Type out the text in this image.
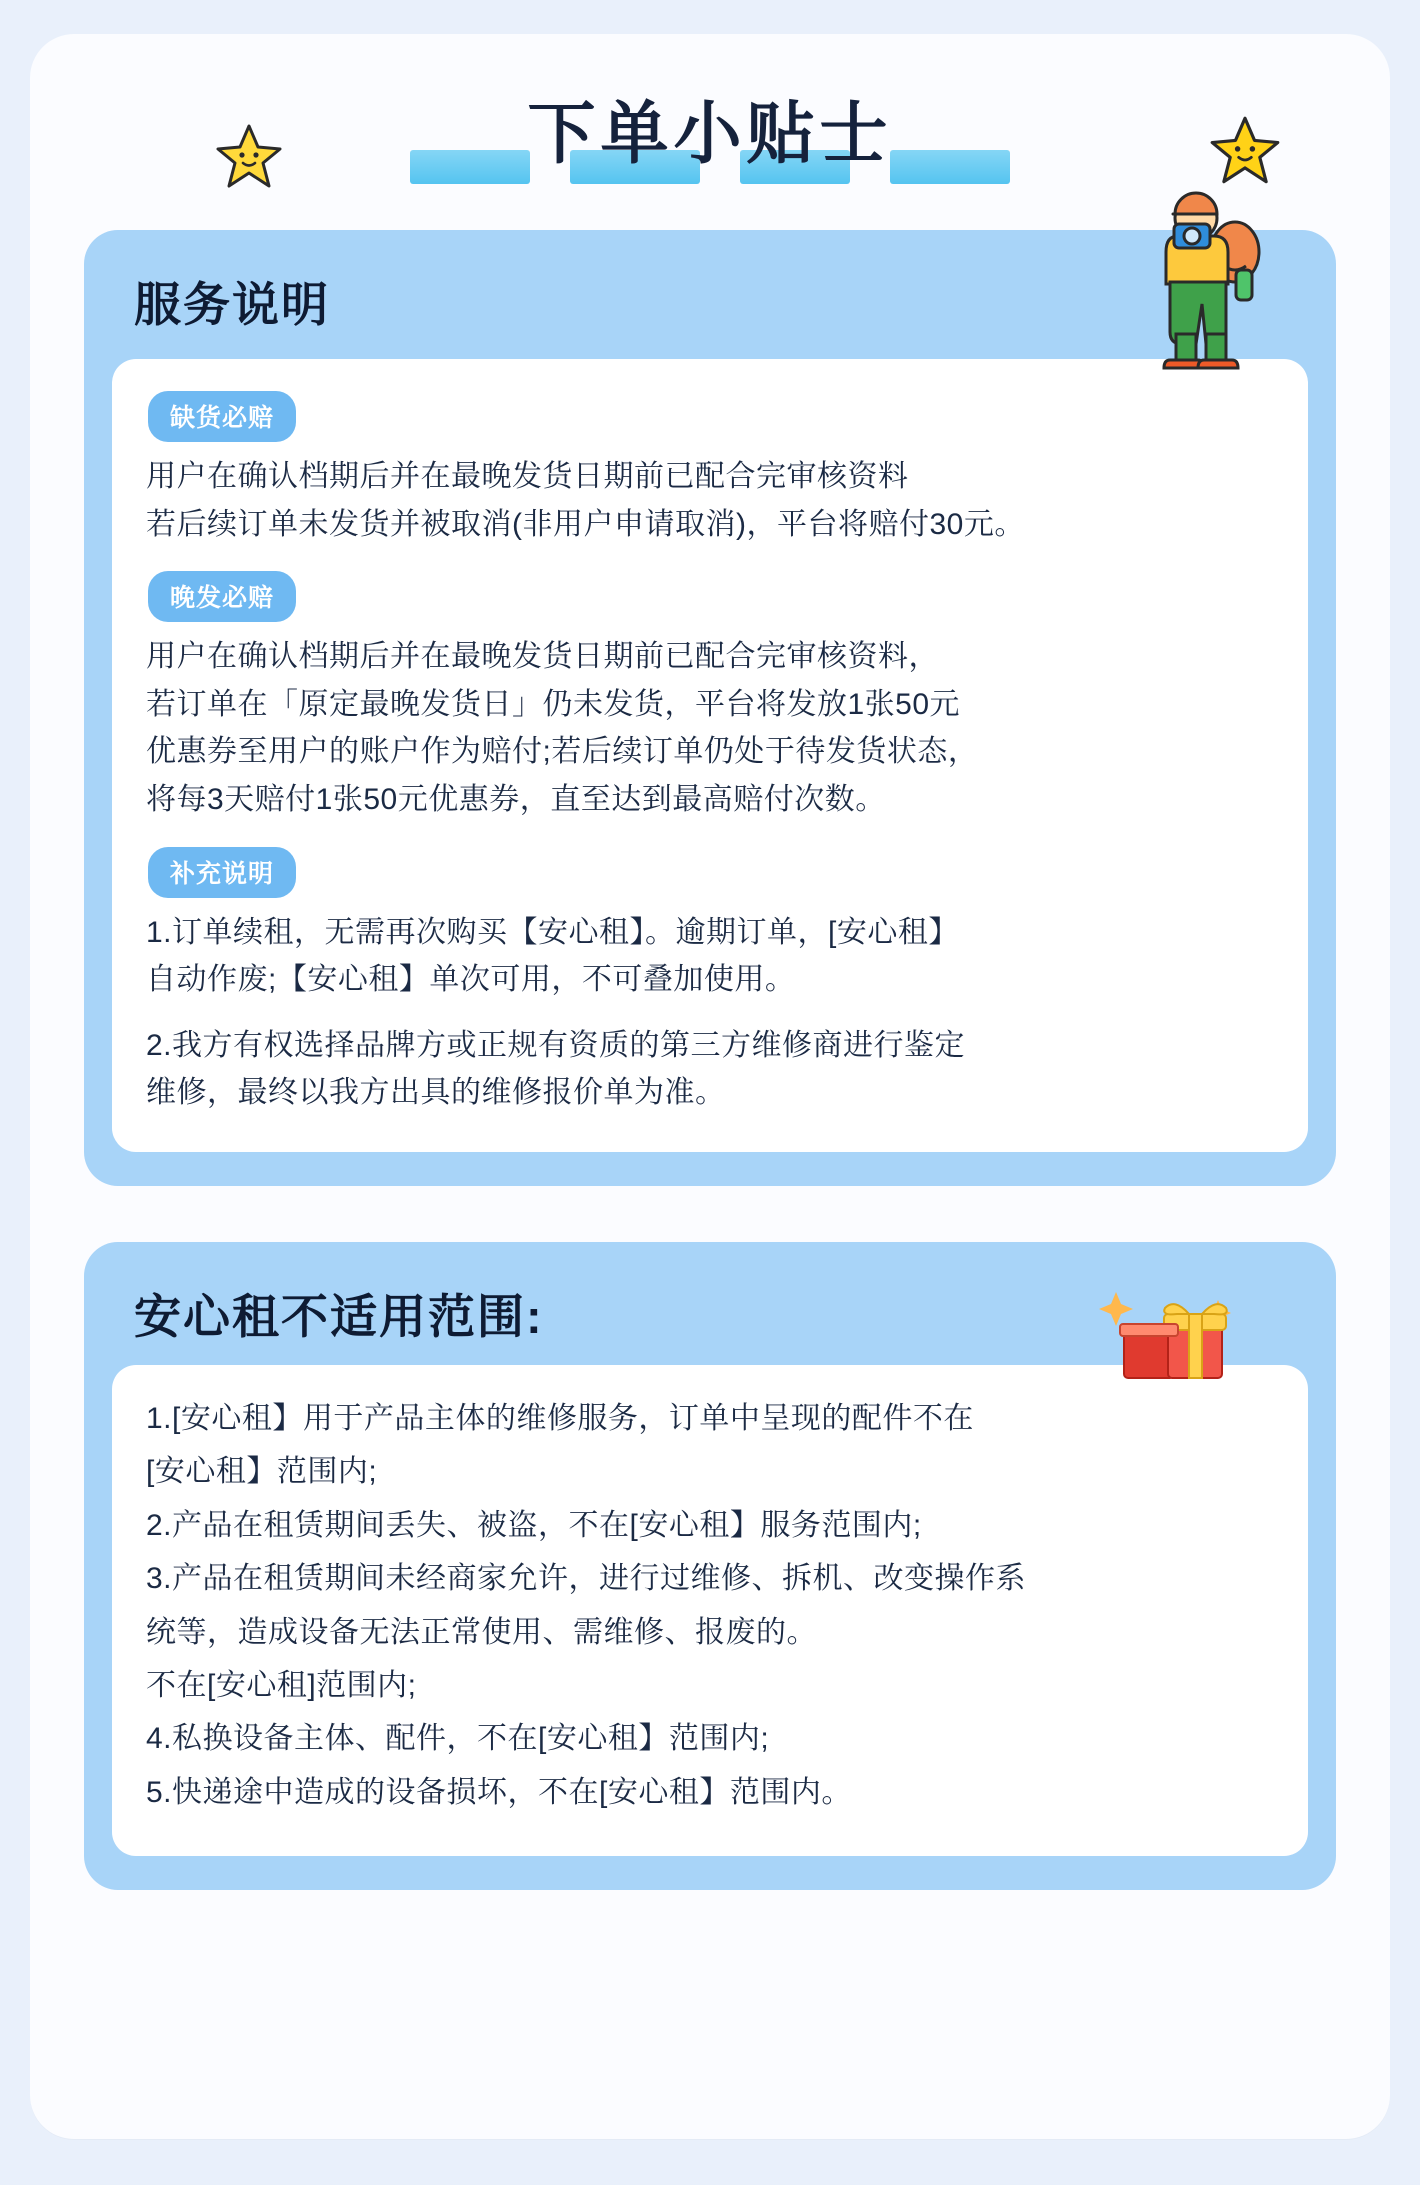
下单小贴士
服务说明
缺货必赔

用户在确认档期后并在最晚发货日期前已配合完审核资料

若后续订单未发货并被取消(非用户申请取消)，平台将赔付30元。

晚发必赔

用户在确认档期后并在最晚发货日期前已配合完审核资料，

若订单在「原定最晚发货日」仍未发货，平台将发放1张50元

优惠券至用户的账户作为赔付;若后续订单仍处于待发货状态，

将每3天赔付1张50元优惠券，直至达到最高赔付次数。

补充说明

1.订单续租，无需再次购买【安心租】。逾期订单，[安心租】

自动作废;【安心租】单次可用，不可叠加使用。

2.我方有权选择品牌方或正规有资质的第三方维修商进行鉴定

维修，最终以我方出具的维修报价单为准。

安心租不适用范围:

1.[安心租】用于产品主体的维修服务，订单中呈现的配件不在

[安心租】范围内;

2.产品在租赁期间丢失、被盗，不在[安心租】服务范围内;

3.产品在租赁期间未经商家允许，进行过维修、拆机、改变操作系

统等，造成设备无法正常使用、需维修、报废的。

不在[安心租]范围内;

4.私换设备主体、配件，不在[安心租】范围内;

5.快递途中造成的设备损坏，不在[安心租】范围内。
